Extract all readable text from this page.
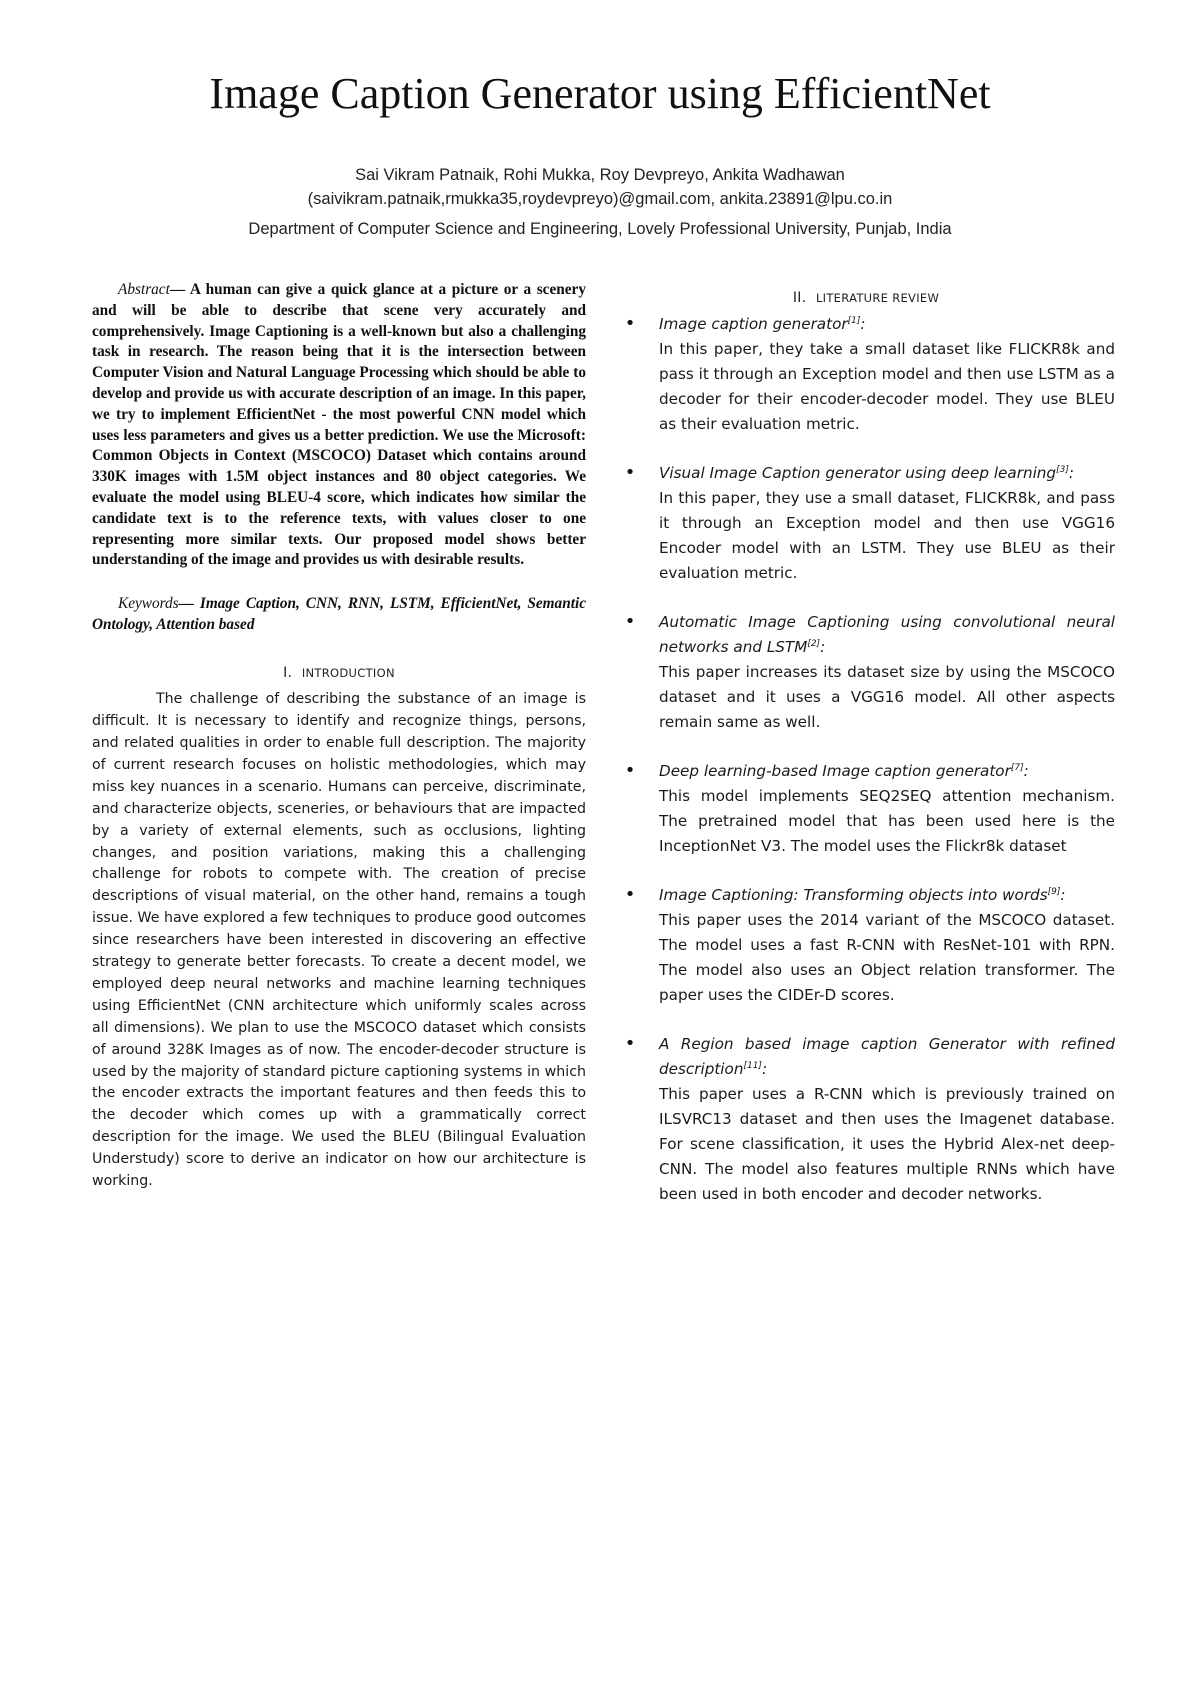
Image Caption Generator using EfficientNet
Sai Vikram Patnaik, Rohi Mukka, Roy Devpreyo, Ankita Wadhawan
(saivikram.patnaik,rmukka35,roydevpreyo)@gmail.com, ankita.23891@lpu.co.in
Department of Computer Science and Engineering, Lovely Professional University, Punjab, India

Abstract— A human can give a quick glance at a picture or a scenery and will be able to describe that scene very accurately and comprehensively. Image Captioning is a well-known but also a challenging task in research. The reason being that it is the intersection between Computer Vision and Natural Language Processing which should be able to develop and provide us with accurate description of an image. In this paper, we try to implement EfficientNet - the most powerful CNN model which uses less parameters and gives us a better prediction. We use the Microsoft: Common Objects in Context (MSCOCO) Dataset which contains around 330K images with 1.5M object instances and 80 object categories. We evaluate the model using BLEU-4 score, which indicates how similar the candidate text is to the reference texts, with values closer to one representing more similar texts. Our proposed model shows better understanding of the image and provides us with desirable results.

Keywords— Image Caption, CNN, RNN, LSTM, EfficientNet, Semantic Ontology, Attention based

I. INTRODUCTION

The challenge of describing the substance of an image is difficult. It is necessary to identify and recognize things, persons, and related qualities in order to enable full description. The majority of current research focuses on holistic methodologies, which may miss key nuances in a scenario. Humans can perceive, discriminate, and characterize objects, sceneries, or behaviours that are impacted by a variety of external elements, such as occlusions, lighting changes, and position variations, making this a challenging challenge for robots to compete with. The creation of precise descriptions of visual material, on the other hand, remains a tough issue. We have explored a few techniques to produce good outcomes since researchers have been interested in discovering an effective strategy to generate better forecasts. To create a decent model, we employed deep neural networks and machine learning techniques using EfficientNet (CNN architecture which uniformly scales across all dimensions). We plan to use the MSCOCO dataset which consists of around 328K Images as of now. The encoder-decoder structure is used by the majority of standard picture captioning systems in which the encoder extracts the important features and then feeds this to the decoder which comes up with a grammatically correct description for the image. We used the BLEU (Bilingual Evaluation Understudy) score to derive an indicator on how our architecture is working.

II. LITERATURE REVIEW
•	Image caption generator[1]:
In this paper, they take a small dataset like FLICKR8k and pass it through an Exception model and then use LSTM as a decoder for their encoder-decoder model. They use BLEU as their evaluation metric.
•	Visual Image Caption generator using deep learning[3]:
In this paper, they use a small dataset, FLICKR8k, and pass it through an Exception model and then use VGG16 Encoder model with an LSTM. They use BLEU as their evaluation metric.
•	Automatic Image Captioning using convolutional neural networks and LSTM[2]:
This paper increases its dataset size by using the MSCOCO dataset and it uses a VGG16 model. All other aspects remain same as well.
•	Deep learning-based Image caption generator[7]:
This model implements SEQ2SEQ attention mechanism. The pretrained model that has been used here is the InceptionNet V3. The model uses the Flickr8k dataset
•	Image Captioning: Transforming objects into words[9]:
This paper uses the 2014 variant of the MSCOCO dataset. The model uses a fast R-CNN with ResNet-101 with RPN. The model also uses an Object relation transformer. The paper uses the CIDEr-D scores.
•	A Region based image caption Generator with refined description[11]:
This paper uses a R-CNN which is previously trained on ILSVRC13 dataset and then uses the Imagenet database. For scene classification, it uses the Hybrid Alex-net deep-CNN. The model also features multiple RNNs which have been used in both encoder and decoder networks.
